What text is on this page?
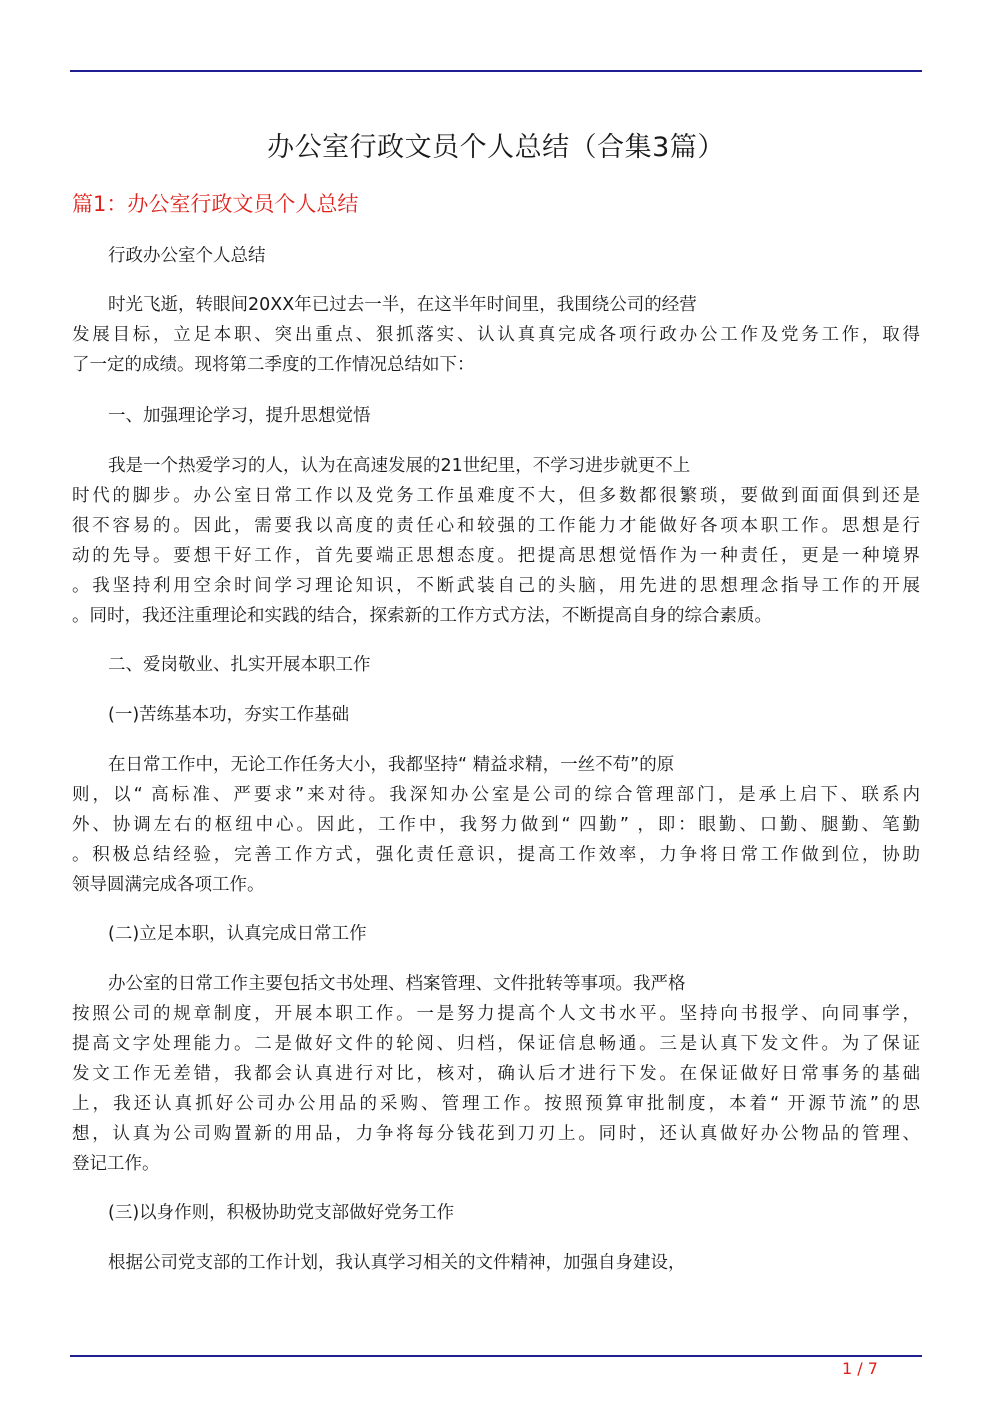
办公室行政文员个人总结（合集3篇）
篇1：办公室行政文员个人总结
行政办公室个人总结
时光飞逝，转眼间20XX年已过去一半，在这半年时间里，我围绕公司的经营
发展目标，立足本职、突出重点、狠抓落实、认认真真完成各项行政办公工作及党务工作，取得
了一定的成绩。现将第二季度的工作情况总结如下：
一、加强理论学习，提升思想觉悟
我是一个热爱学习的人，认为在高速发展的21世纪里，不学习进步就更不上
时代的脚步。办公室日常工作以及党务工作虽难度不大，但多数都很繁琐，要做到面面俱到还是
很不容易的。因此，需要我以高度的责任心和较强的工作能力才能做好各项本职工作。思想是行
动的先导。要想干好工作，首先要端正思想态度。把提高思想觉悟作为一种责任，更是一种境界
。我坚持利用空余时间学习理论知识，不断武装自己的头脑，用先进的思想理念指导工作的开展
。同时，我还注重理论和实践的结合，探索新的工作方式方法，不断提高自身的综合素质。
二、爱岗敬业、扎实开展本职工作
(一)苦练基本功，夯实工作基础
在日常工作中，无论工作任务大小，我都坚持“ 精益求精，一丝不苟”的原
则，以“ 高标准、严要求”来对待。我深知办公室是公司的综合管理部门，是承上启下、联系内
外、协调左右的枢纽中心。因此，工作中，我努力做到“ 四勤” ，即：眼勤、口勤、腿勤、笔勤
。积极总结经验，完善工作方式，强化责任意识，提高工作效率，力争将日常工作做到位，协助
领导圆满完成各项工作。
(二)立足本职，认真完成日常工作
办公室的日常工作主要包括文书处理、档案管理、文件批转等事项。我严格
按照公司的规章制度，开展本职工作。一是努力提高个人文书水平。坚持向书报学、向同事学，
提高文字处理能力。二是做好文件的轮阅、归档，保证信息畅通。三是认真下发文件。为了保证
发文工作无差错，我都会认真进行对比，核对，确认后才进行下发。在保证做好日常事务的基础
上，我还认真抓好公司办公用品的采购、管理工作。按照预算审批制度，本着“ 开源节流”的思
想，认真为公司购置新的用品，力争将每分钱花到刀刃上。同时，还认真做好办公物品的管理、
登记工作。
(三)以身作则，积极协助党支部做好党务工作
根据公司党支部的工作计划，我认真学习相关的文件精神，加强自身建设，
1 / 7
